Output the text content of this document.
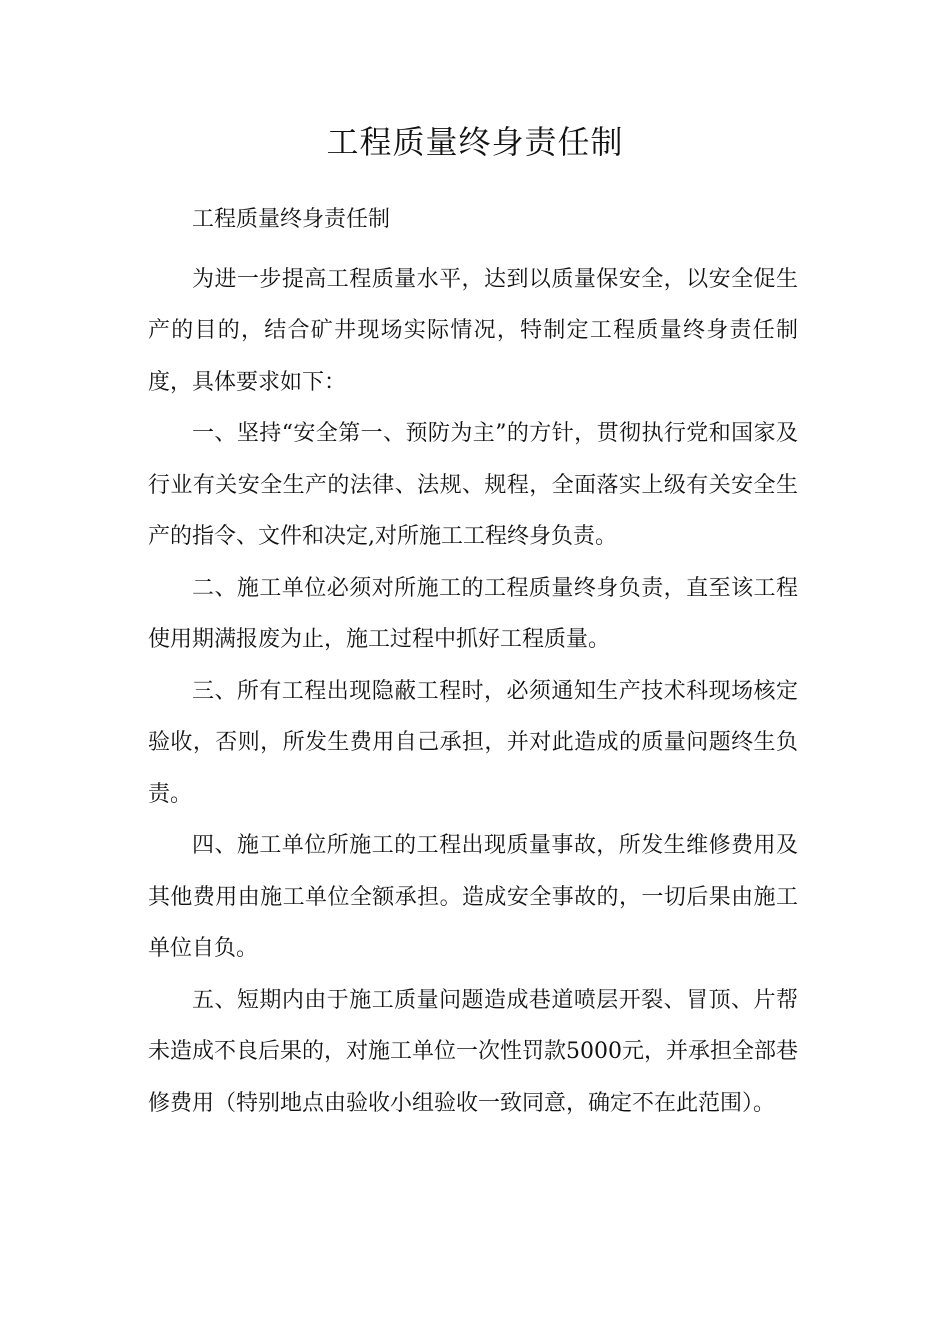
工程质量终身责任制

工程质量终身责任制

为进一步提高工程质量水平，达到以质量保安全，以安全促生产的目的，结合矿井现场实际情况，特制定工程质量终身责任制度，具体要求如下：

一、坚持“安全第一、预防为主”的方针，贯彻执行党和国家及行业有关安全生产的法律、法规、规程，全面落实上级有关安全生产的指令、文件和决定,对所施工工程终身负责。

二、施工单位必须对所施工的工程质量终身负责，直至该工程使用期满报废为止，施工过程中抓好工程质量。

三、所有工程出现隐蔽工程时，必须通知生产技术科现场核定验收，否则，所发生费用自己承担，并对此造成的质量问题终生负责。

四、施工单位所施工的工程出现质量事故，所发生维修费用及其他费用由施工单位全额承担。造成安全事故的，一切后果由施工单位自负。

五、短期内由于施工质量问题造成巷道喷层开裂、冒顶、片帮未造成不良后果的，对施工单位一次性罚款5000元，并承担全部巷修费用（特别地点由验收小组验收一致同意，确定不在此范围）。
